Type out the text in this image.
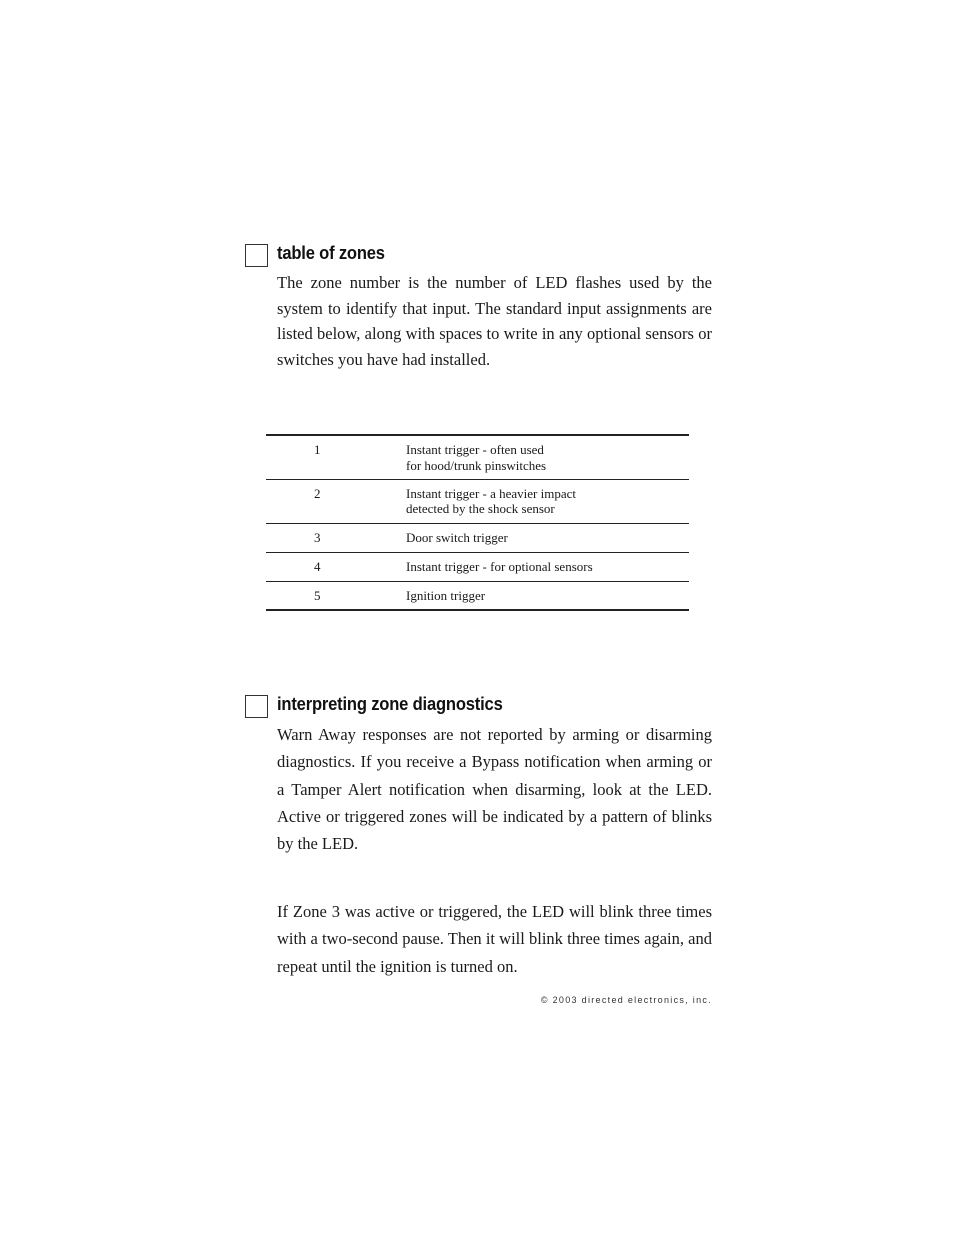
table of zones

The zone number is the number of LED flashes used by the system to identify that input. The standard input assignments are listed below, along with spaces to write in any optional sensors or switches you have had installed.

1	Instant trigger - often used
for hood/trunk pinswitches

2	Instant trigger - a heavier impact
detected by the shock sensor

3	Door switch trigger

4	Instant trigger - for optional sensors

5	Ignition trigger
interpreting zone diagnostics

Warn Away responses are not reported by arming or disarming diagnostics. If you receive a Bypass notification when arming or a Tamper Alert notification when disarming, look at the LED. Active or triggered zones will be indicated by a pattern of blinks by the LED.

If Zone 3 was active or triggered, the LED will blink three times with a two-second pause. Then it will blink three times again, and repeat until the ignition is turned on.

© 2003 directed electronics, inc.
